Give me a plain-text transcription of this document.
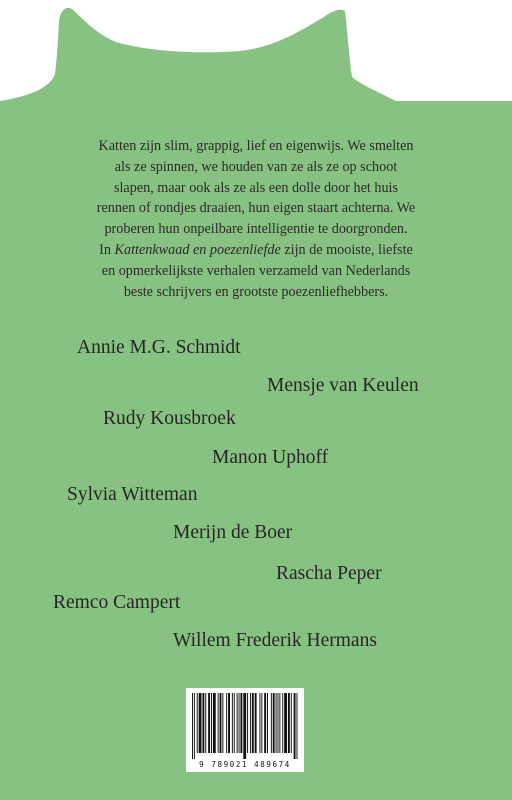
Katten zijn slim, grappig, lief en eigenwijs. We smelten
als ze spinnen, we houden van ze als ze op schoot
slapen, maar ook als ze als een dolle door het huis
rennen of rondjes draaien, hun eigen staart achterna. We
proberen hun onpeilbare intelligentie te doorgronden.
In Kattenkwaad en poezenliefde zijn de mooiste, liefste
en opmerkelijkste verhalen verzameld van Nederlands
beste schrijvers en grootste poezenliefhebbers.
Annie M.G. Schmidt
Mensje van Keulen
Rudy Kousbroek
Manon Uphoff
Sylvia Witteman
Merijn de Boer
Rascha Peper
Remco Campert
Willem Frederik Hermans
9 789021 489674
